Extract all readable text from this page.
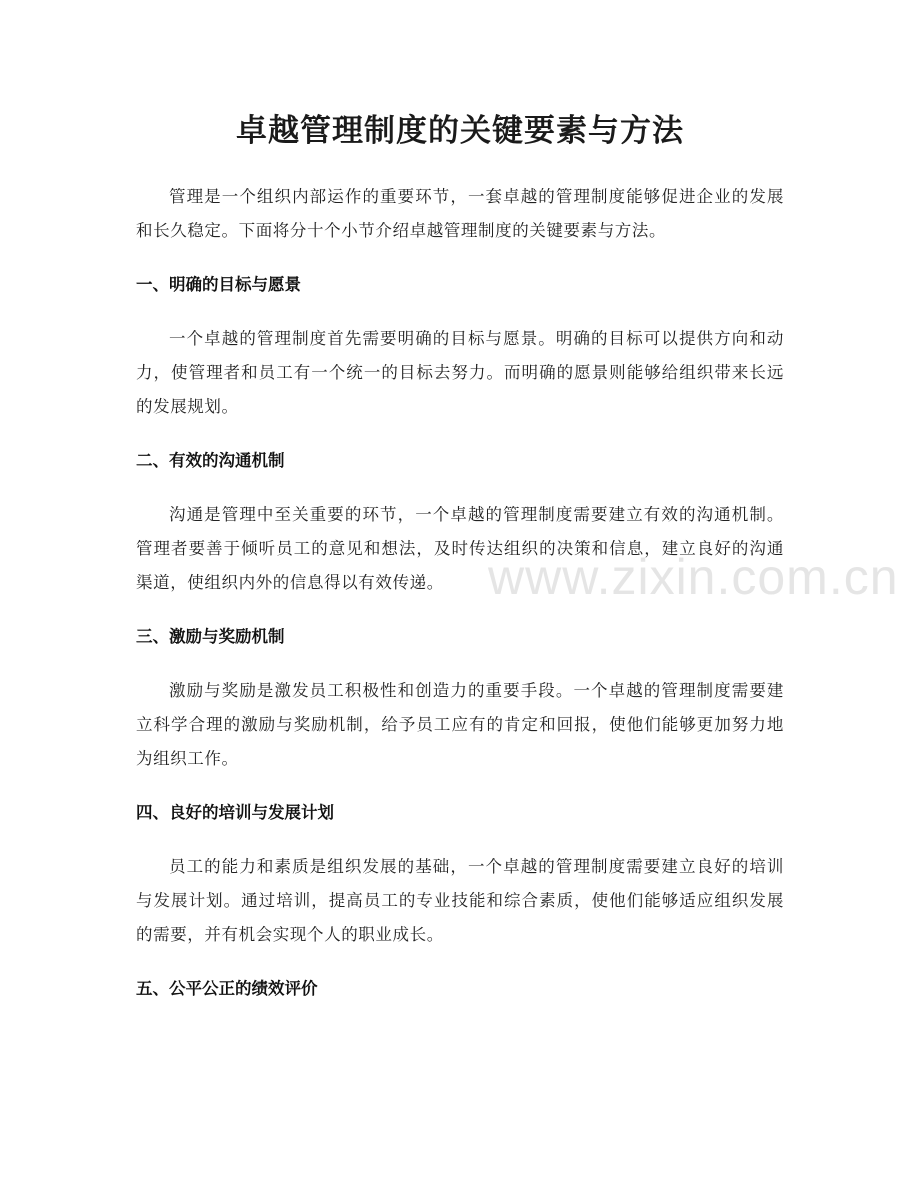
卓越管理制度的关键要素与方法

管理是一个组织内部运作的重要环节，一套卓越的管理制度能够促进企业的发展和长久稳定。下面将分十个小节介绍卓越管理制度的关键要素与方法。

一、明确的目标与愿景

一个卓越的管理制度首先需要明确的目标与愿景。明确的目标可以提供方向和动力，使管理者和员工有一个统一的目标去努力。而明确的愿景则能够给组织带来长远的发展规划。

二、有效的沟通机制

沟通是管理中至关重要的环节，一个卓越的管理制度需要建立有效的沟通机制。管理者要善于倾听员工的意见和想法，及时传达组织的决策和信息，建立良好的沟通渠道，使组织内外的信息得以有效传递。

三、激励与奖励机制

激励与奖励是激发员工积极性和创造力的重要手段。一个卓越的管理制度需要建立科学合理的激励与奖励机制，给予员工应有的肯定和回报，使他们能够更加努力地为组织工作。

四、良好的培训与发展计划

员工的能力和素质是组织发展的基础，一个卓越的管理制度需要建立良好的培训与发展计划。通过培训，提高员工的专业技能和综合素质，使他们能够适应组织发展的需要，并有机会实现个人的职业成长。

五、公平公正的绩效评价
www.zixin.com.cn
